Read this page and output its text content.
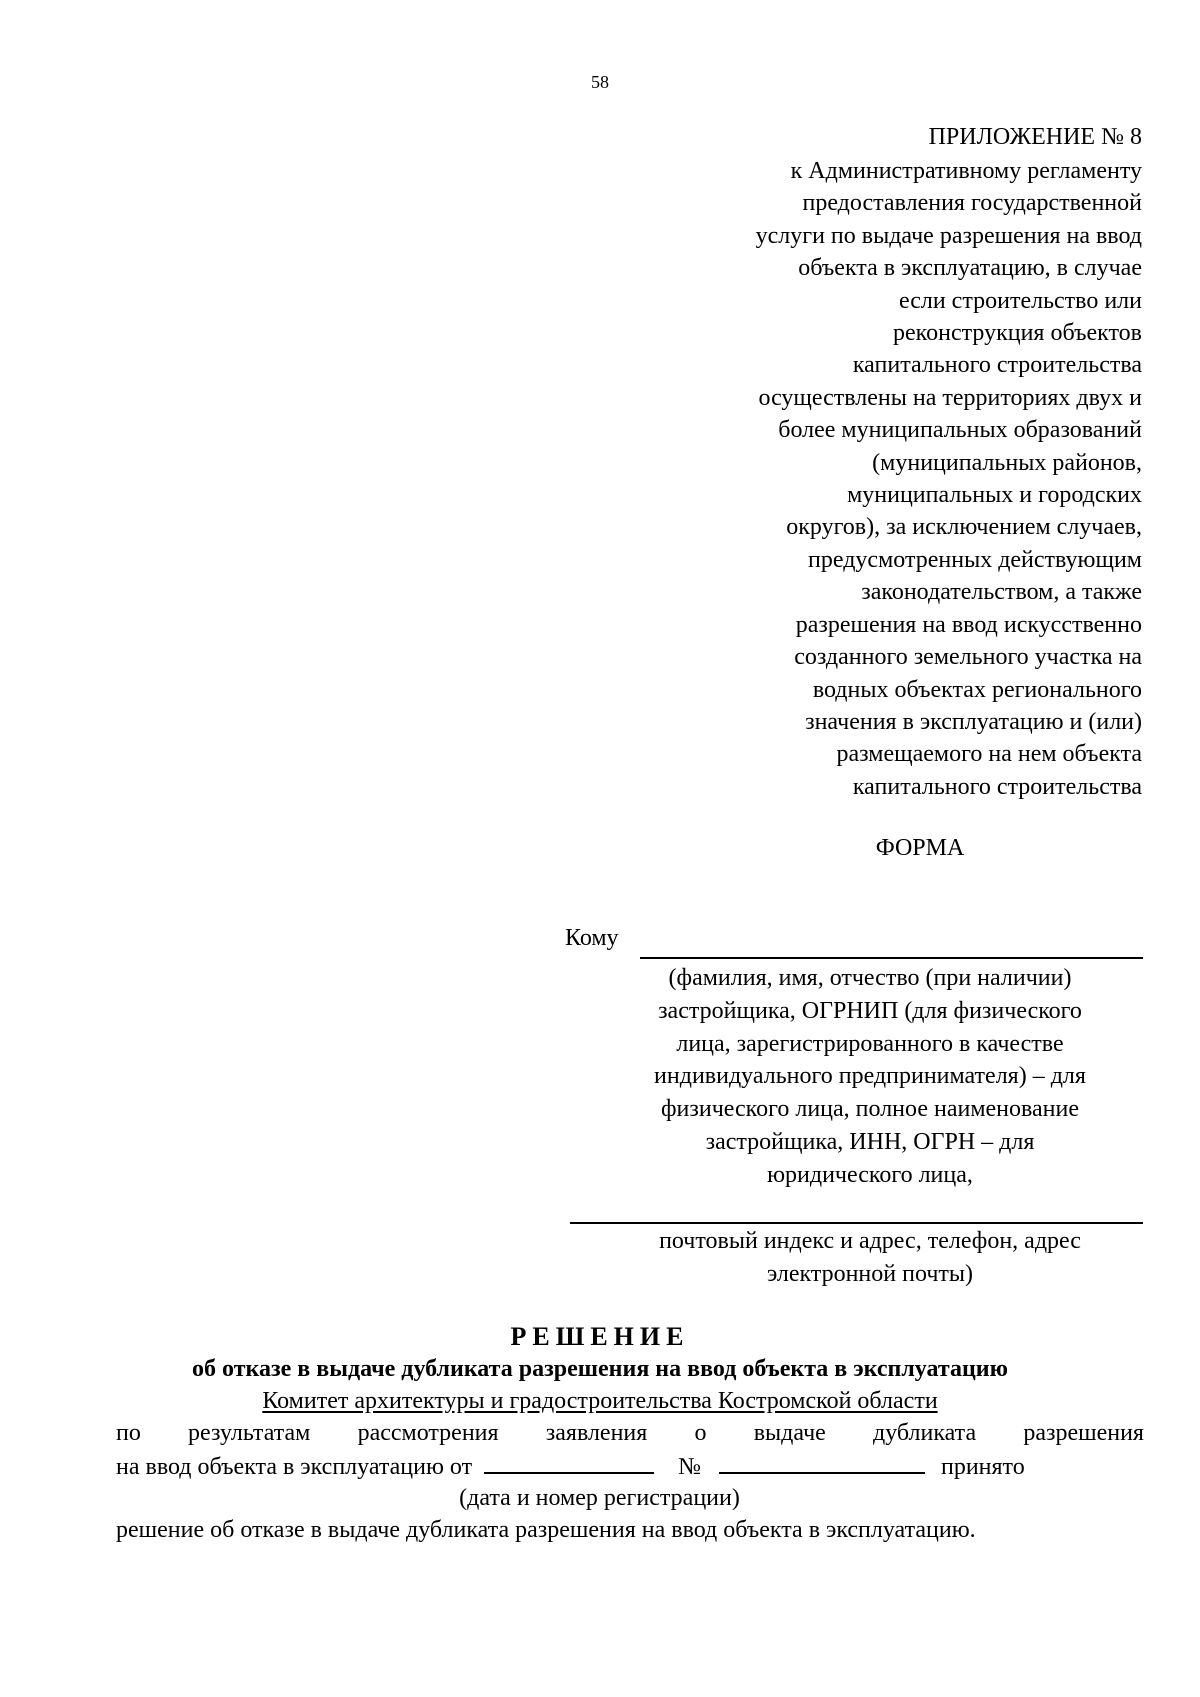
58
ПРИЛОЖЕНИЕ № 8
к Административному регламенту
предоставления государственной
услуги по выдаче разрешения на ввод
объекта в эксплуатацию, в случае
если строительство или
реконструкция объектов
капитального строительства
осуществлены на территориях двух и
более муниципальных образований
(муниципальных районов,
муниципальных и городских
округов), за исключением случаев,
предусмотренных действующим
законодательством, а также
разрешения на ввод искусственно
созданного земельного участка на
водных объектах регионального
значения в эксплуатацию и (или)
размещаемого на нем объекта
капитального строительства
ФОРМА
Кому
(фамилия, имя, отчество (при наличии)
застройщика, ОГРНИП (для физического
лица, зарегистрированного в качестве
индивидуального предпринимателя) – для
физического лица, полное наименование
застройщика, ИНН, ОГРН – для
юридического лица,
почтовый индекс и адрес, телефон, адрес
электронной почты)
РЕШЕНИЕ
об отказе в выдаче дубликата разрешения на ввод объекта в эксплуатацию
Комитет архитектуры и градостроительства Костромской области
по результатам рассмотрения заявления о выдаче дубликата разрешения
на ввод объекта в эксплуатацию от	№	принято
(дата и номер регистрации)
решение об отказе в выдаче дубликата разрешения на ввод объекта в эксплуатацию.
